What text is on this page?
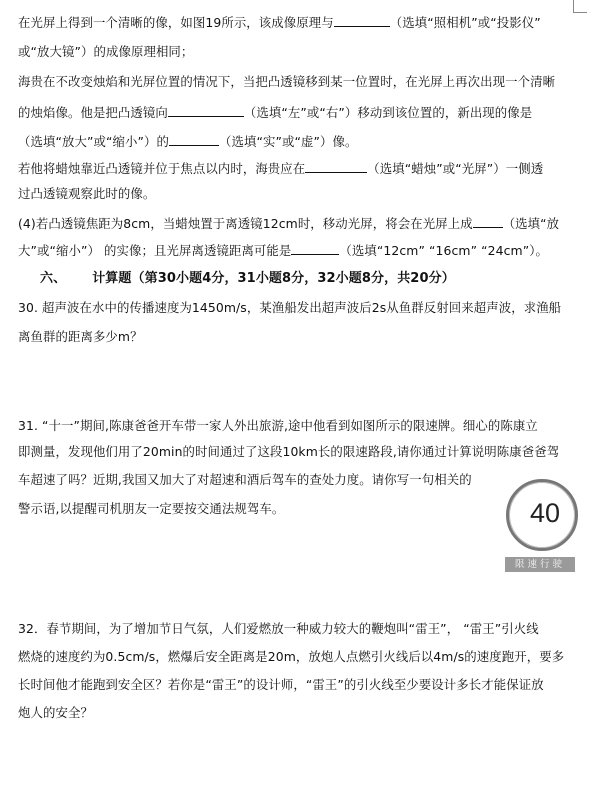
在光屏上得到一个清晰的像，如图19所示，该成像原理与	（选填“照相机”或“投影仪”
或“放大镜”）的成像原理相同；
海贵在不改变烛焰和光屏位置的情况下，当把凸透镜移到某一位置时，在光屏上再次出现一个清晰
的烛焰像。他是把凸透镜向	（选填“左”或“右”）移动到该位置的，新出现的像是
（选填“放大”或“缩小”）的	（选填“实”或“虚”）像。
若他将蜡烛靠近凸透镜并位于焦点以内时，海贵应在	（选填“蜡烛”或“光屏”）一侧透
过凸透镜观察此时的像。
(4)若凸透镜焦距为8cm，当蜡烛置于离透镜12cm时，移动光屏，将会在光屏上成 （选填“放
大”或“缩小”） 的实像；且光屏离透镜距离可能是	（选填“12cm” “16cm” “24cm”）。
六、 计算题（第30小题4分，31小题8分，32小题8分，共20分）
30. 超声波在水中的传播速度为1450m/s，某渔船发出超声波后2s从鱼群反射回来超声波，求渔船
离鱼群的距离多少m？
31. “十一”期间,陈康爸爸开车带一家人外出旅游,途中他看到如图所示的限速牌。细心的陈康立
即测量，发现他们用了20min的时间通过了这段10km长的限速路段,请你通过计算说明陈康爸爸驾
车超速了吗？近期,我国又加大了对超速和酒后驾车的查处力度。请你写一句相关的
警示语,以提醒司机朋友一定要按交通法规驾车。	40
限速行驶
32．春节期间，为了增加节日气氛，人们爱燃放一种威力较大的鞭炮叫“雷王”， “雷王”引火线
燃烧的速度约为0.5cm/s，燃爆后安全距离是20m，放炮人点燃引火线后以4m/s的速度跑开，要多
长时间他才能跑到安全区？若你是“雷王”的设计师，“雷王”的引火线至少要设计多长才能保证放
炮人的安全？
